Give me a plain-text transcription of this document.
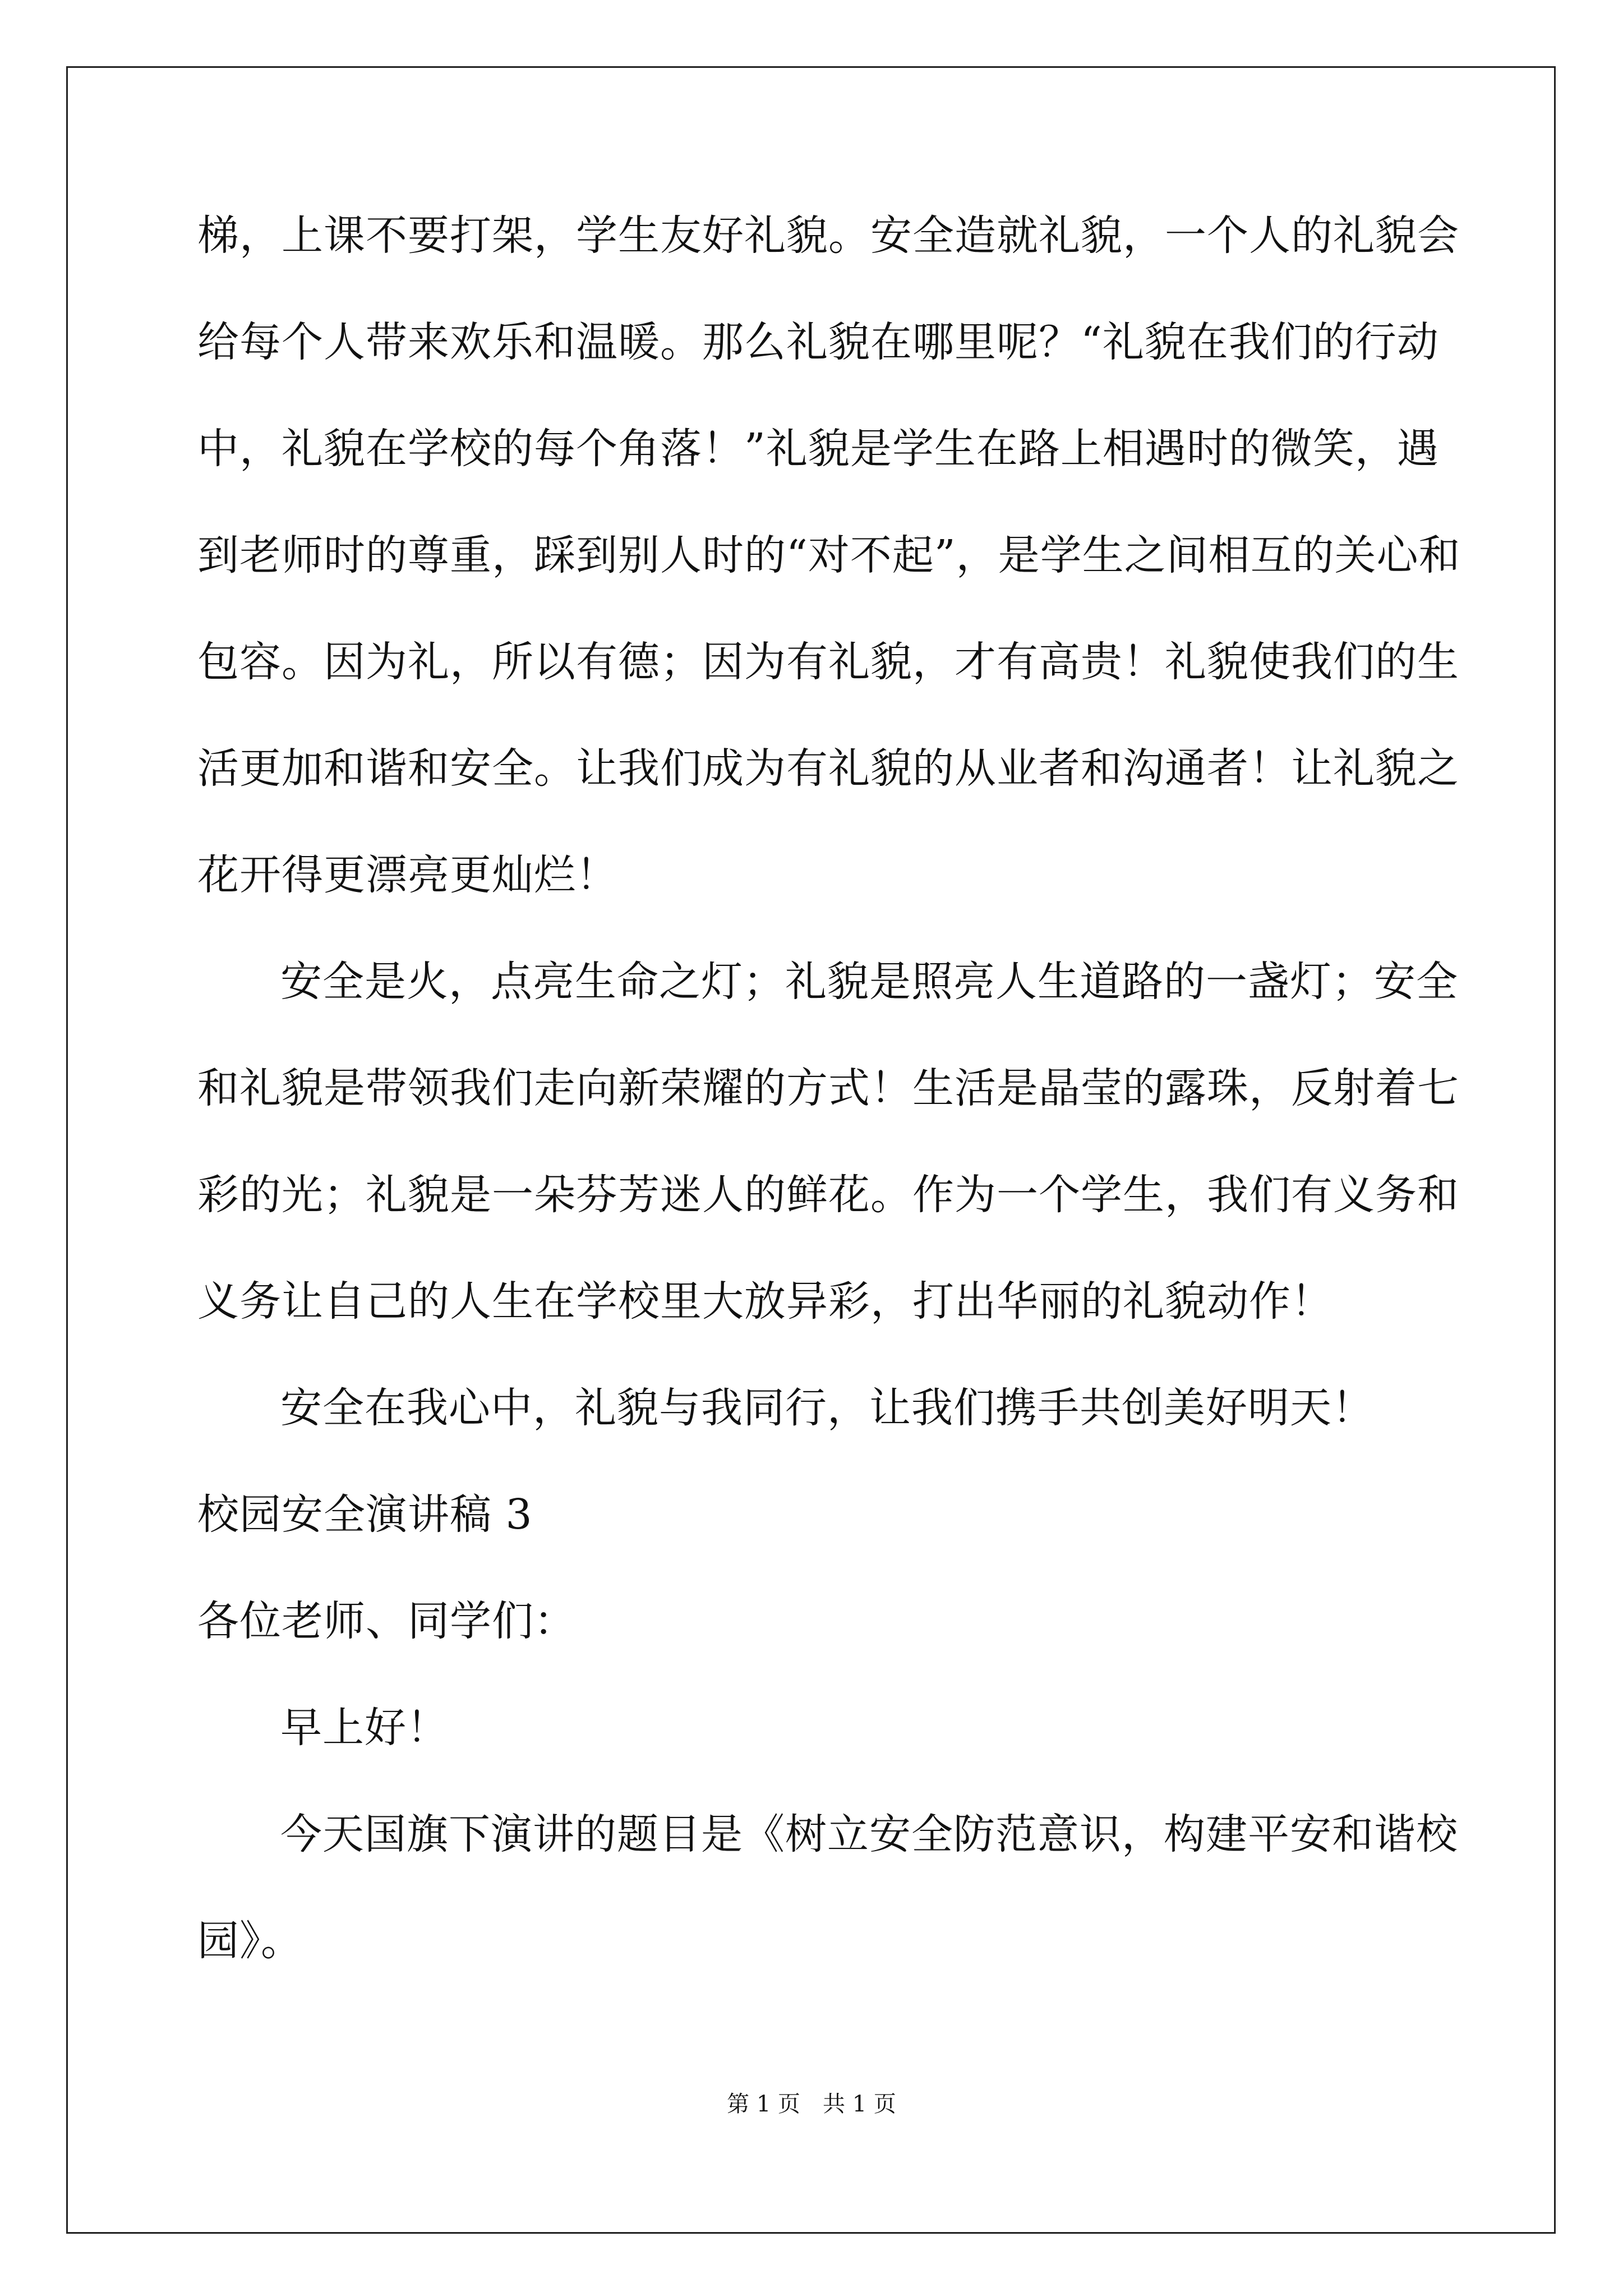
梯，上课不要打架，学生友好礼貌。安全造就礼貌，一个人的礼貌会
给每个人带来欢乐和温暖。那么礼貌在哪里呢？“礼貌在我们的行动
中，礼貌在学校的每个角落！”礼貌是学生在路上相遇时的微笑，遇
到老师时的尊重，踩到别人时的“对不起”，是学生之间相互的关心和
包容。因为礼，所以有德；因为有礼貌，才有高贵！礼貌使我们的生
活更加和谐和安全。让我们成为有礼貌的从业者和沟通者！让礼貌之
花开得更漂亮更灿烂！
安全是火，点亮生命之灯；礼貌是照亮人生道路的一盏灯；安全
和礼貌是带领我们走向新荣耀的方式！生活是晶莹的露珠，反射着七
彩的光；礼貌是一朵芬芳迷人的鲜花。作为一个学生，我们有义务和
义务让自己的人生在学校里大放异彩，打出华丽的礼貌动作！
安全在我心中，礼貌与我同行，让我们携手共创美好明天！
校园安全演讲稿 3
各位老师、同学们：
早上好！
今天国旗下演讲的题目是《树立安全防范意识，构建平安和谐校
园》。
第 1 页　共 1 页
